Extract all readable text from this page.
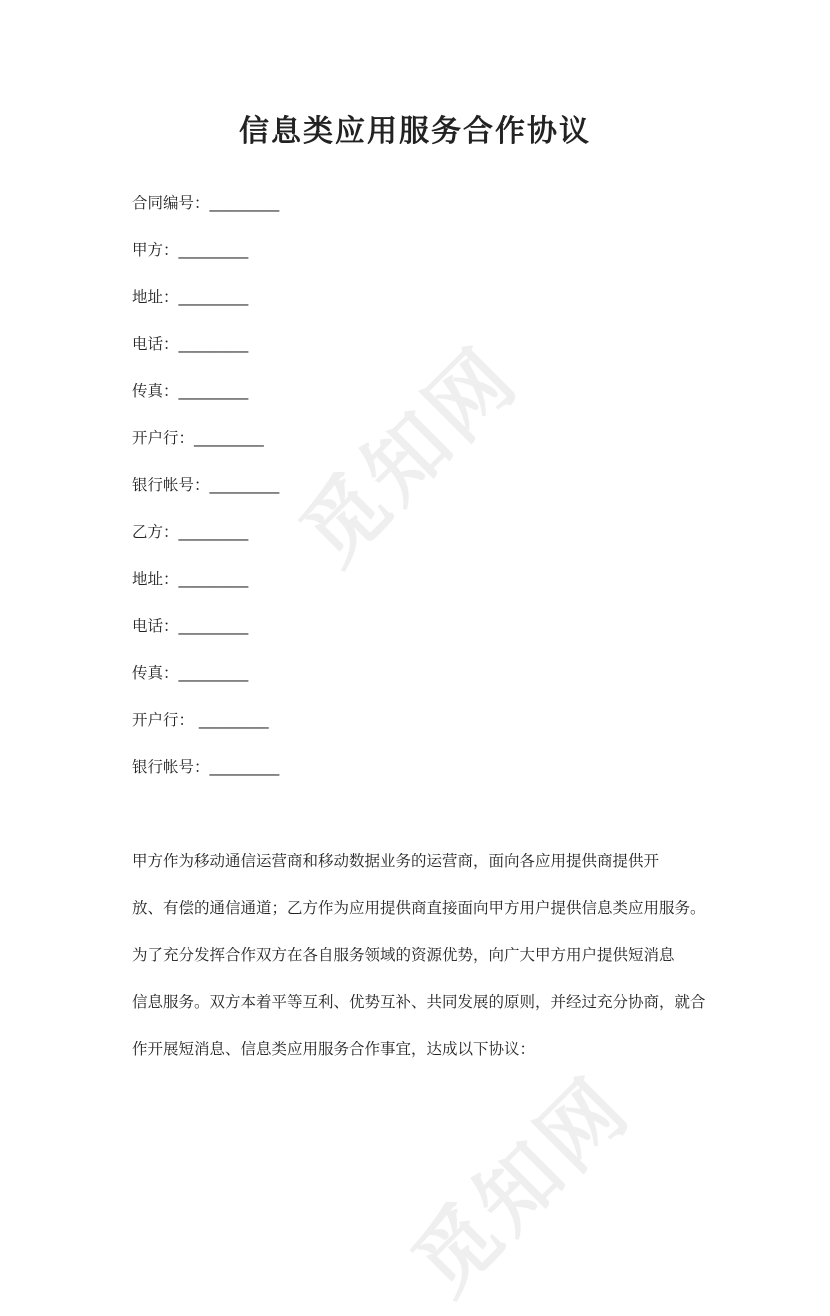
信息类应用服务合作协议
合同编号：_________
甲方：_________
地址：_________
电话：_________
传真：_________
开户行：_________
银行帐号：_________
乙方：_________
地址：_________
电话：_________
传真：_________
开户行： _________
银行帐号：_________
甲方作为移动通信运营商和移动数据业务的运营商，面向各应用提供商提供开
放、有偿的通信通道；乙方作为应用提供商直接面向甲方用户提供信息类应用服务。
为了充分发挥合作双方在各自服务领域的资源优势，向广大甲方用户提供短消息
信息服务。双方本着平等互利、优势互补、共同发展的原则，并经过充分协商，就合
作开展短消息、信息类应用服务合作事宜，达成以下协议：
觅知网
觅知网
